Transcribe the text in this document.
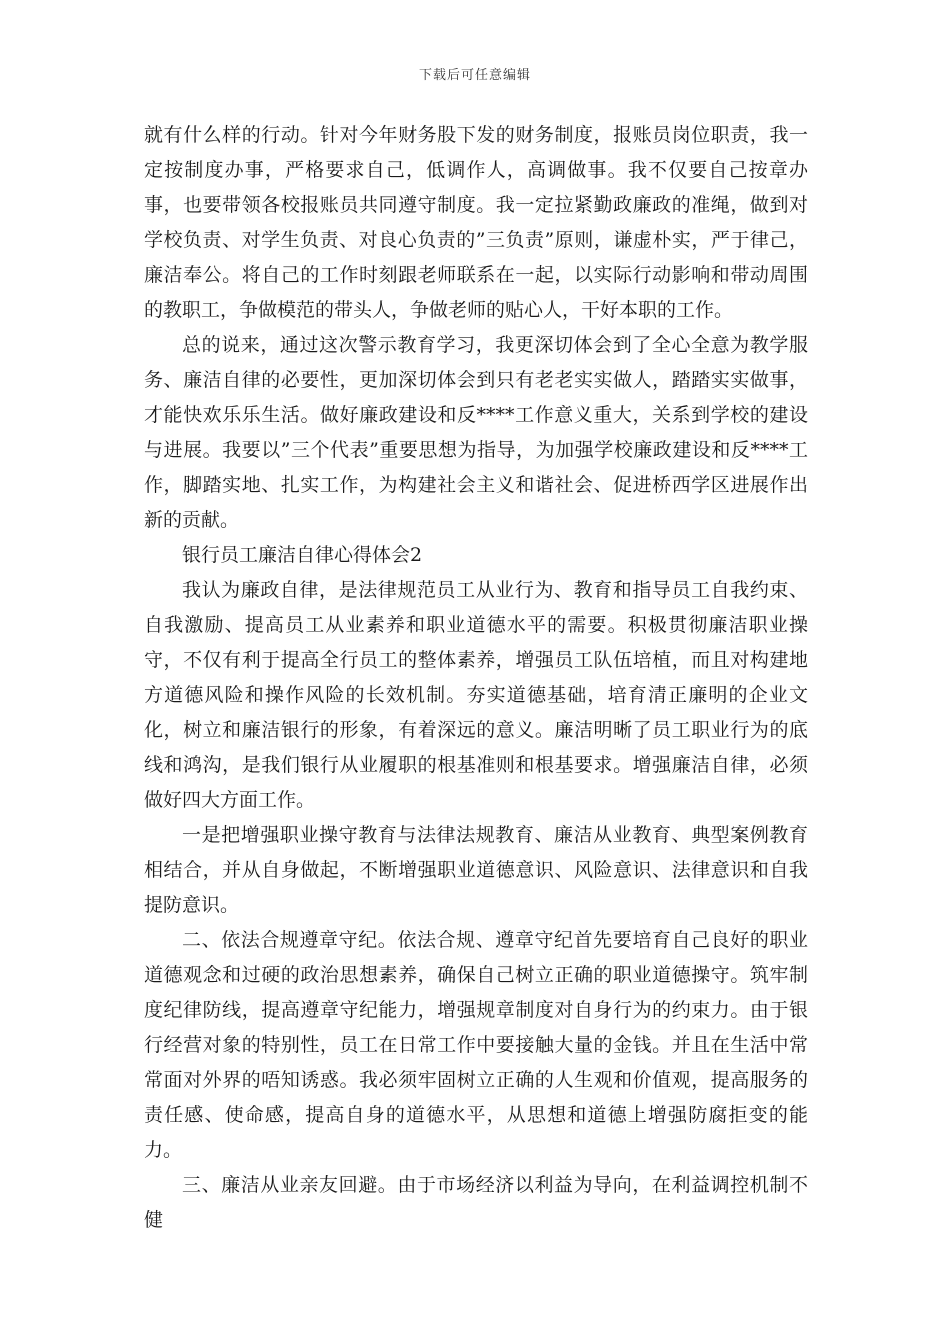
下载后可任意编辑

就有什么样的行动。针对今年财务股下发的财务制度，报账员岗位职责，我一定按制度办事，严格要求自己，低调作人，高调做事。我不仅要自己按章办事，也要带领各校报账员共同遵守制度。我一定拉紧勤政廉政的准绳，做到对学校负责、对学生负责、对良心负责的”三负责”原则，谦虚朴实，严于律己，廉洁奉公。将自己的工作时刻跟老师联系在一起，以实际行动影响和带动周围的教职工，争做模范的带头人，争做老师的贴心人，干好本职的工作。

总的说来，通过这次警示教育学习，我更深切体会到了全心全意为教学服务、廉洁自律的必要性，更加深切体会到只有老老实实做人，踏踏实实做事，才能快欢乐乐生活。做好廉政建设和反****工作意义重大，关系到学校的建设与进展。我要以”三个代表”重要思想为指导，为加强学校廉政建设和反****工作，脚踏实地、扎实工作，为构建社会主义和谐社会、促进桥西学区进展作出新的贡献。

银行员工廉洁自律心得体会2

我认为廉政自律，是法律规范员工从业行为、教育和指导员工自我约束、自我激励、提高员工从业素养和职业道德水平的需要。积极贯彻廉洁职业操守，不仅有利于提高全行员工的整体素养，增强员工队伍培植，而且对构建地方道德风险和操作风险的长效机制。夯实道德基础，培育清正廉明的企业文化，树立和廉洁银行的形象，有着深远的意义。廉洁明晰了员工职业行为的底线和鸿沟，是我们银行从业履职的根基准则和根基要求。增强廉洁自律，必须做好四大方面工作。

一是把增强职业操守教育与法律法规教育、廉洁从业教育、典型案例教育相结合，并从自身做起，不断增强职业道德意识、风险意识、法律意识和自我提防意识。

二、依法合规遵章守纪。依法合规、遵章守纪首先要培育自己良好的职业道德观念和过硬的政治思想素养，确保自己树立正确的职业道德操守。筑牢制度纪律防线，提高遵章守纪能力，增强规章制度对自身行为的约束力。由于银行经营对象的特别性，员工在日常工作中要接触大量的金钱。并且在生活中常常面对外界的唔知诱惑。我必须牢固树立正确的人生观和价值观，提高服务的责任感、使命感，提高自身的道德水平，从思想和道德上增强防腐拒变的能力。

三、廉洁从业亲友回避。由于市场经济以利益为导向，在利益调控机制不健
